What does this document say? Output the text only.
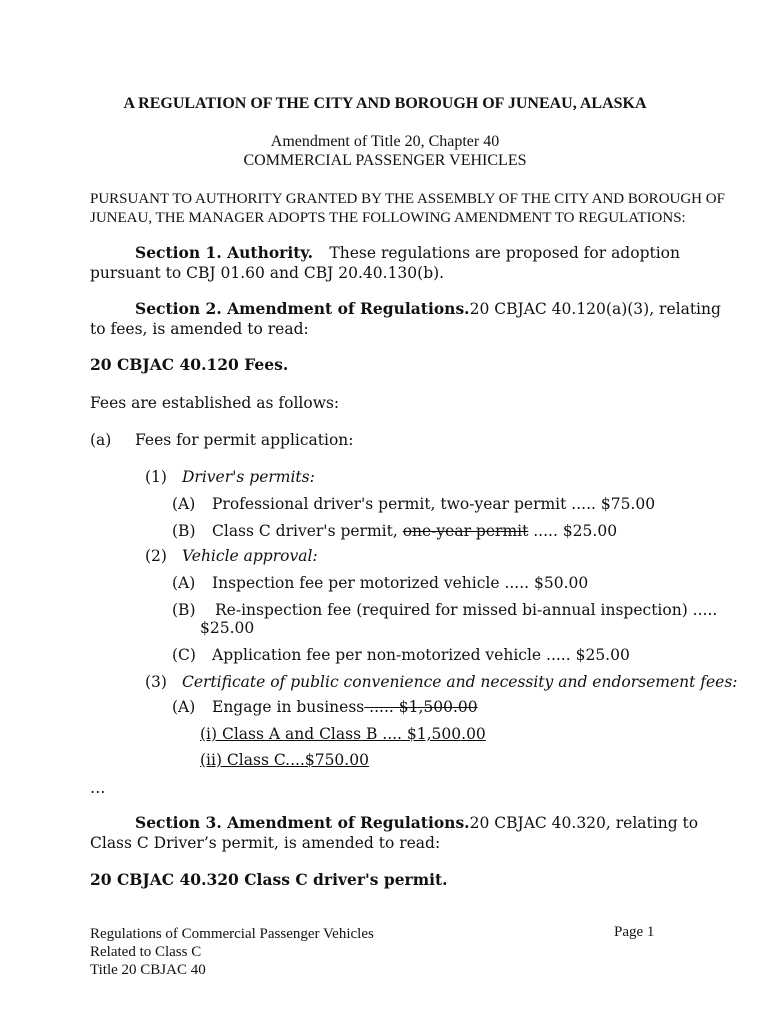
A REGULATION OF THE CITY AND BOROUGH OF JUNEAU, ALASKA
Amendment of Title 20, Chapter 40
COMMERCIAL PASSENGER VEHICLES
PURSUANT TO AUTHORITY GRANTED BY THE ASSEMBLY OF THE CITY AND BOROUGH OF
JUNEAU, THE MANAGER ADOPTS THE FOLLOWING AMENDMENT TO REGULATIONS:
Section 1. Authority. These regulations are proposed for adoption
pursuant to CBJ 01.60 and CBJ 20.40.130(b).
Section 2. Amendment of Regulations. 20 CBJAC 40.120(a)(3), relating
to fees, is amended to read:
20 CBJAC 40.120 Fees.
Fees are established as follows:
(a) Fees for permit application:
(1) Driver's permits:
(A) Professional driver's permit, two-year permit ..... $75.00
(B) Class C driver's permit, one-year permit ..... $25.00
(2) Vehicle approval:
(A) Inspection fee per motorized vehicle ..... $50.00
(B) Re-inspection fee (required for missed bi-annual inspection) .....
$25.00
(C) Application fee per non-motorized vehicle ..... $25.00
(3) Certificate of public convenience and necessity and endorsement fees:
(A) Engage in business ..... $1,500.00
(i) Class A and Class B .... $1,500.00
(ii) Class C....$750.00
…
Section 3. Amendment of Regulations. 20 CBJAC 40.320, relating to
Class C Driver’s permit, is amended to read:
20 CBJAC 40.320 Class C driver's permit.
Regulations of Commercial Passenger Vehicles
Related to Class C
Title 20 CBJAC 40
Page 1
